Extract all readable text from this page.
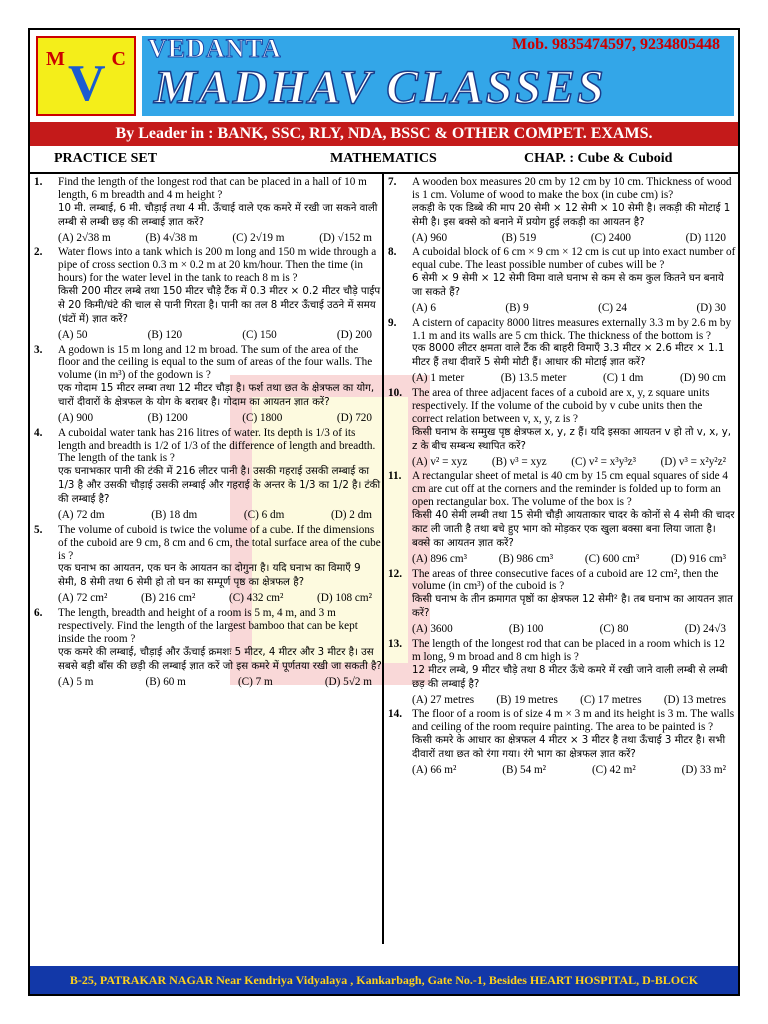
M V C VEDANTA	Mob. 9835474597, 9234805448
MADHAV CLASSES
By Leader in : BANK, SSC, RLY, NDA, BSSC & OTHER COMPET. EXAMS.
PRACTICE SET	MATHEMATICS	CHAP. : Cube & Cuboid
1. Find the length of the longest rod that can be placed in a hall of 10 m length, 6 m breadth and 4 m height ?
10 मी. लम्बाई, 6 मी. चौड़ाई तथा 4 मी. ऊँचाई वाले एक कमरे में रखी जा सकने वाली लम्बी से लम्बी छड़ की लम्बाई ज्ञात करें?
(A) 2√38 m	(B) 4√38 m	(C) 2√19 m	(D) √152 m
2. Water flows into a tank which is 200 m long and 150 m wide through a pipe of cross section 0.3 m × 0.2 m at 20 km/hour. Then the time (in hours) for the water level in the tank to reach 8 m is ?
किसी 200 मीटर लम्बे तथा 150 मीटर चौड़े टैंक में 0.3 मीटर × 0.2 मीटर चौड़े पाईप से 20 किमी/घंटे की चाल से पानी गिरता है। पानी का तल 8 मीटर ऊँचाई उठने में समय (घंटों में) ज्ञात करें?
(A) 50	(B) 120	(C) 150	(D) 200
3. A godown is 15 m long and 12 m broad. The sum of the area of the floor and the ceiling is equal to the sum of areas of the four walls. The volume (in m³) of the godown is ?
एक गोदाम 15 मीटर लम्बा तथा 12 मीटर चौड़ा है। फर्श तथा छत के क्षेत्रफल का योग, चारों दीवारों के क्षेत्रफल के योग के बराबर है। गोदाम का आयतन ज्ञात करें?
(A) 900	(B) 1200	(C) 1800	(D) 720
4. A cuboidal water tank has 216 litres of water. Its depth is 1/3 of its length and breadth is 1/2 of 1/3 of the difference of length and breadth. The length of the tank is ?
एक घनाभकार पानी की टंकी में 216 लीटर पानी है। उसकी गहराई उसकी लम्बाई का 1/3 है और उसकी चौड़ाई उसकी लम्बाई और गहराई के अन्तर के 1/3 का 1/2 है। टंकी की लम्बाई है?
(A) 72 dm	(B) 18 dm	(C) 6 dm	(D) 2 dm
5. The volume of cuboid is twice the volume of a cube. If the dimensions of the cuboid are 9 cm, 8 cm and 6 cm, the total surface area of the cube is ?
एक घनाभ का आयतन, एक घन के आयतन का दोगुना है। यदि घनाभ का विमाएँ 9 सेमी, 8 सेमी तथा 6 सेमी हो तो घन का सम्पूर्ण पृष्ठ का क्षेत्रफल है?
(A) 72 cm²	(B) 216 cm²	(C) 432 cm²	(D) 108 cm²
6. The length, breadth and height of a room is 5 m, 4 m, and 3 m respectively. Find the length of the largest bamboo that can be kept inside the room ?
एक कमरे की लम्बाई, चौड़ाई और ऊँचाई क्रमशः 5 मीटर, 4 मीटर और 3 मीटर है। उस सबसे बड़ी बाँस की छड़ी की लम्बाई ज्ञात करें जो इस कमरे में पूर्णतया रखी जा सकती है?
(A) 5 m	(B) 60 m	(C) 7 m	(D) 5√2 m
7. A wooden box measures 20 cm by 12 cm by 10 cm. Thickness of wood is 1 cm. Volume of wood to make the box (in cube cm) is?
लकड़ी के एक डिब्बे की माप 20 सेमी × 12 सेमी × 10 सेमी है। लकड़ी की मोटाई 1 सेमी है। इस बक्से को बनाने में प्रयोग हुई लकड़ी का आयतन है?
(A) 960	(B) 519	(C) 2400	(D) 1120
8. A cuboidal block of 6 cm × 9 cm × 12 cm is cut up into exact number of equal cube. The least possible number of cubes will be ?
6 सेमी × 9 सेमी × 12 सेमी विमा वाले घनाभ से कम से कम कुल कितने घन बनाये जा सकते हैं?
(A) 6	(B) 9	(C) 24	(D) 30
9. A cistern of capacity 8000 litres measures externally 3.3 m by 2.6 m by 1.1 m and its walls are 5 cm thick. The thickness of the bottom is ?
एक 8000 लीटर क्षमता वाले टैंक की बाहरी विमाएँ 3.3 मीटर × 2.6 मीटर × 1.1 मीटर हैं तथा दीवारें 5 सेमी मोटी हैं। आधार की मोटाई ज्ञात करें?
(A) 1 meter	(B) 13.5 meter	(C) 1 dm	(D) 90 cm
10. The area of three adjacent faces of a cuboid are x, y, z square units respectively. If the volume of the cuboid by v cube units then the correct relation between v, x, y, z is ?
किसी घनाभ के सम्मुख पृष्ठ क्षेत्रफल x, y, z हैं। यदि इसका आयतन v हो तो v, x, y, z के बीच सम्बन्ध स्थापित करें?
(A) v² = xyz (B) v³ = xyz (C) v² = x³y³z³ (D) v³ = x²y²z²
11. A rectangular sheet of metal is 40 cm by 15 cm equal squares of side 4 cm are cut off at the corners and the reminder is folded up to form an open rectangular box. The volume of the box is ?
किसी 40 सेमी लम्बी तथा 15 सेमी चौड़ी आयताकार चादर के कोनों से 4 सेमी की चादर काट ली जाती है तथा बचे हुए भाग को मोड़कर एक खुला बक्सा बना लिया जाता है। बक्से का आयतन ज्ञात करें?
(A) 896 cm³	(B) 986 cm³	(C) 600 cm³	(D) 916 cm³
12. The areas of three consecutive faces of a cuboid are 12 cm², then the volume (in cm³) of the cuboid is ?
किसी घनाभ के तीन क्रमागत पृष्ठों का क्षेत्रफल 12 सेमी² है। तब घनाभ का आयतन ज्ञात करें?
(A) 3600	(B) 100	(C) 80	(D) 24√3
13. The length of the longest rod that can be placed in a room which is 12 m long, 9 m broad and 8 cm high is ?
12 मीटर लम्बे, 9 मीटर चौड़े तथा 8 मीटर ऊँचे कमरे में रखी जाने वाली लम्बी से लम्बी छड़ की लम्बाई है?
(A) 27 metres (B) 19 metres (C) 17 metres (D) 13 metres
14. The floor of a room is of size 4 m × 3 m and its height is 3 m. The walls and ceiling of the room require painting. The area to be painted is ?
किसी कमरे के आधार का क्षेत्रफल 4 मीटर × 3 मीटर है तथा ऊँचाई 3 मीटर है। सभी दीवारों तथा छत को रंगा गया। रंगे भाग का क्षेत्रफल ज्ञात करें?
(A) 66 m²	(B) 54 m²	(C) 42 m²	(D) 33 m²
B-25, PATRAKAR NAGAR Near Kendriya Vidyalaya , Kankarbagh, Gate No.-1, Besides HEART HOSPITAL, D-BLOCK
